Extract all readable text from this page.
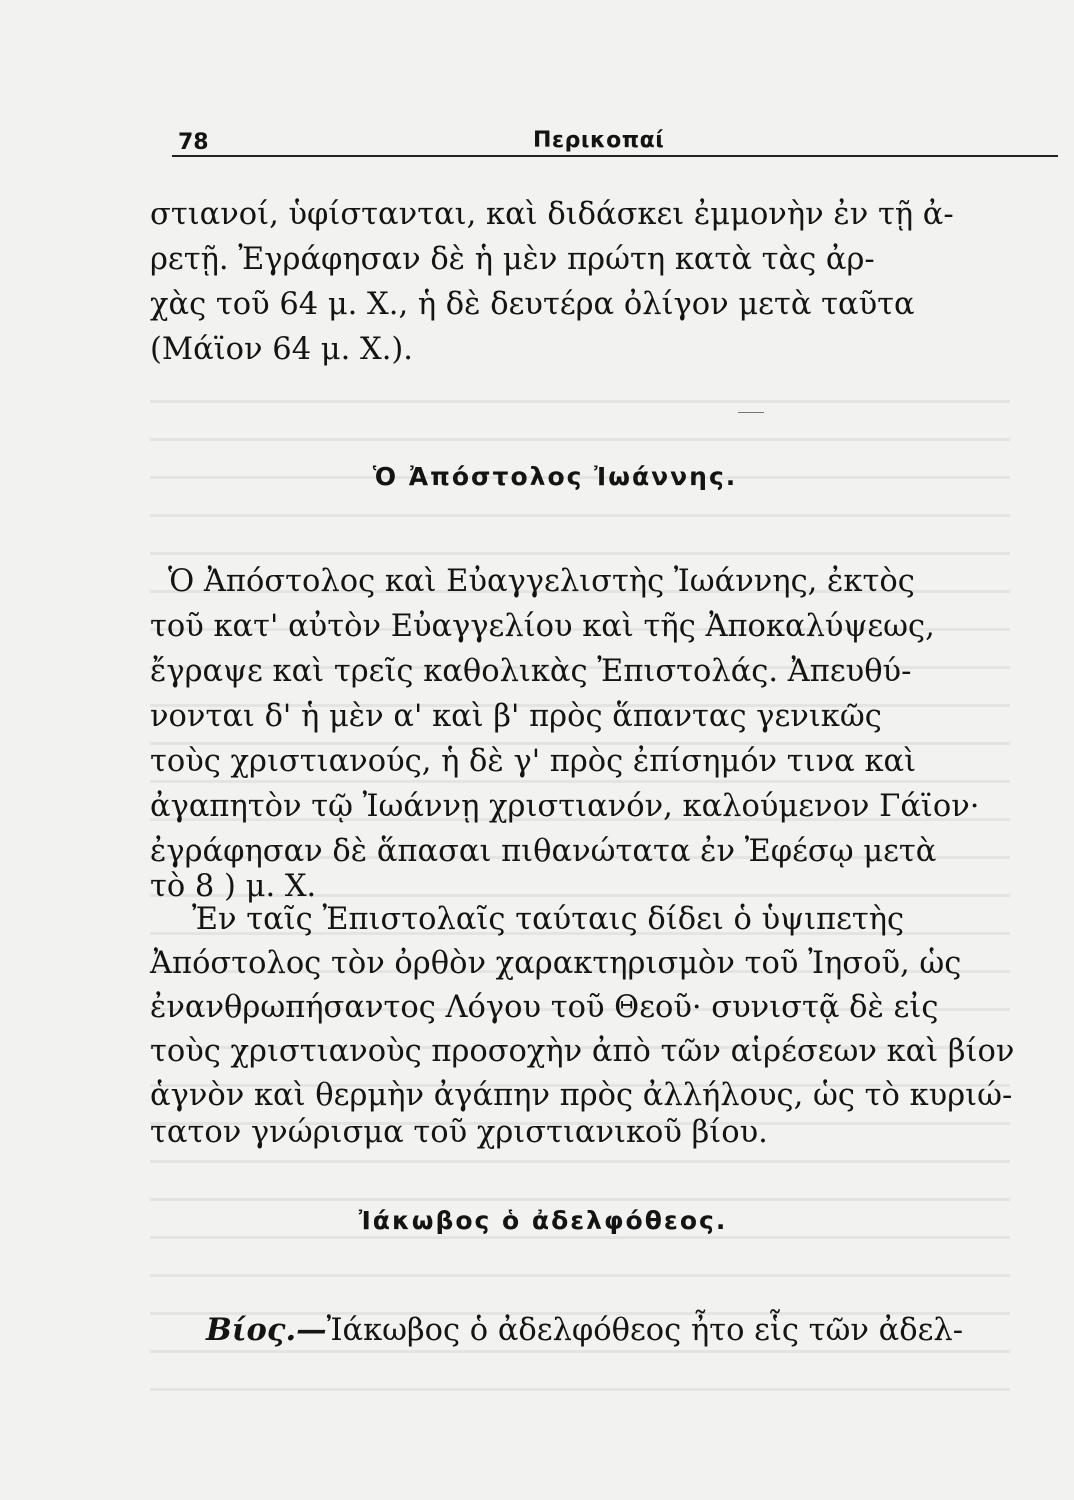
78	Περικοπαί
στιανοί, ὑφίστανται, καὶ διδάσκει ἐμμονὴν ἐν τῇ ἀ-
ρετῇ. Ἐγράφησαν δὲ ἡ μὲν πρώτη κατὰ τὰς ἀρ-
χὰς τοῦ 64 μ. Χ., ἡ δὲ δευτέρα ὀλίγον μετὰ ταῦτα
(Μάϊον 64 μ. Χ.).
Ὁ Ἀπόστολος Ἰωάννης.
Ὁ Ἀπόστολος καὶ Εὐαγγελιστὴς Ἰωάννης, ἐκτὸς
τοῦ κατ' αὐτὸν Εὐαγγελίου καὶ τῆς Ἀποκαλύψεως,
ἔγραψε καὶ τρεῖς καθολικὰς Ἐπιστολάς. Ἀπευθύ-
νονται δ' ἡ μὲν α' καὶ β' πρὸς ἅπαντας γενικῶς
τοὺς χριστιανούς, ἡ δὲ γ' πρὸς ἐπίσημόν τινα καὶ
ἀγαπητὸν τῷ Ἰωάννῃ χριστιανόν, καλούμενον Γάϊον·
ἐγράφησαν δὲ ἅπασαι πιθανώτατα ἐν Ἐφέσῳ μετὰ
τὸ 8 ) μ. Χ.
Ἐν ταῖς Ἐπιστολαῖς ταύταις δίδει ὁ ὑψιπετὴς
Ἀπόστολος τὸν ὀρθὸν χαρακτηρισμὸν τοῦ Ἰησοῦ, ὡς
ἐνανθρωπήσαντος Λόγου τοῦ Θεοῦ· συνιστᾷ δὲ εἰς
τοὺς χριστιανοὺς προσοχὴν ἀπὸ τῶν αἱρέσεων καὶ βίον
ἁγνὸν καὶ θερμὴν ἀγάπην πρὸς ἀλλήλους, ὡς τὸ κυριώ-
τατον γνώρισμα τοῦ χριστιανικοῦ βίου.
Ἰάκωβος ὁ ἀδελφόθεος.
Βίος.—Ἰάκωβος ὁ ἀδελφόθεος ἦτο εἷς τῶν ἀδελ-
